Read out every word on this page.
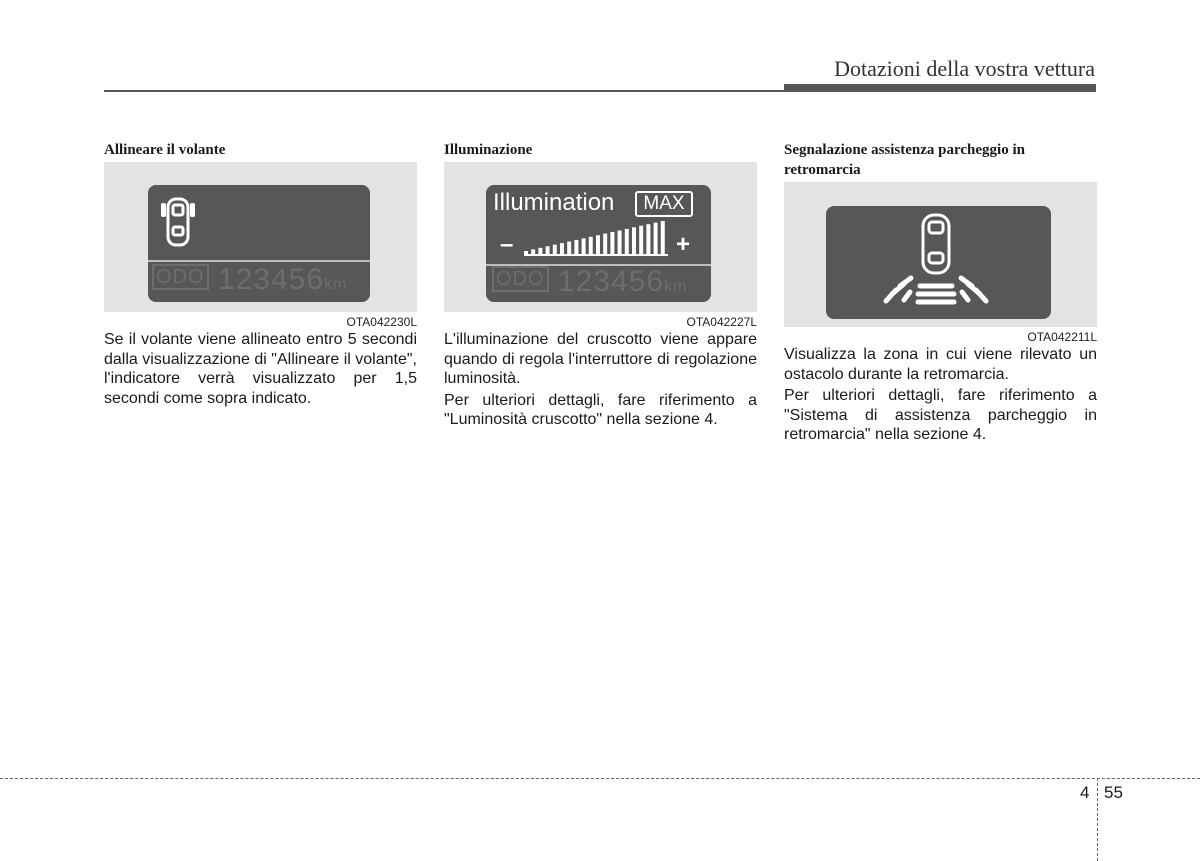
Dotazioni della vostra vettura
Allineare il volante
$^{ODO}$ 123456km
OTA042230L

Se il volante viene allineato entro 5 secondi dalla visualizzazione di "Allineare il volante", l'indicatore verrà visualizzato per 1,5 secondi come sopra indicato.

Illuminazione
Illumination	MAX
–	+
$^{ODO}$ 123456km
OTA042227L

L'illuminazione del cruscotto viene appare quando di regola l'interruttore di regolazione luminosità.

Per ulteriori dettagli, fare riferimento a "Luminosità cruscotto" nella sezione 4.

Segnalazione assistenza parcheggio in retromarcia
OTA042211L

Visualizza la zona in cui viene rilevato un ostacolo durante la retromarcia.

Per ulteriori dettagli, fare riferimento a "Sistema di assistenza parcheggio in retromarcia" nella sezione 4.

4 55
